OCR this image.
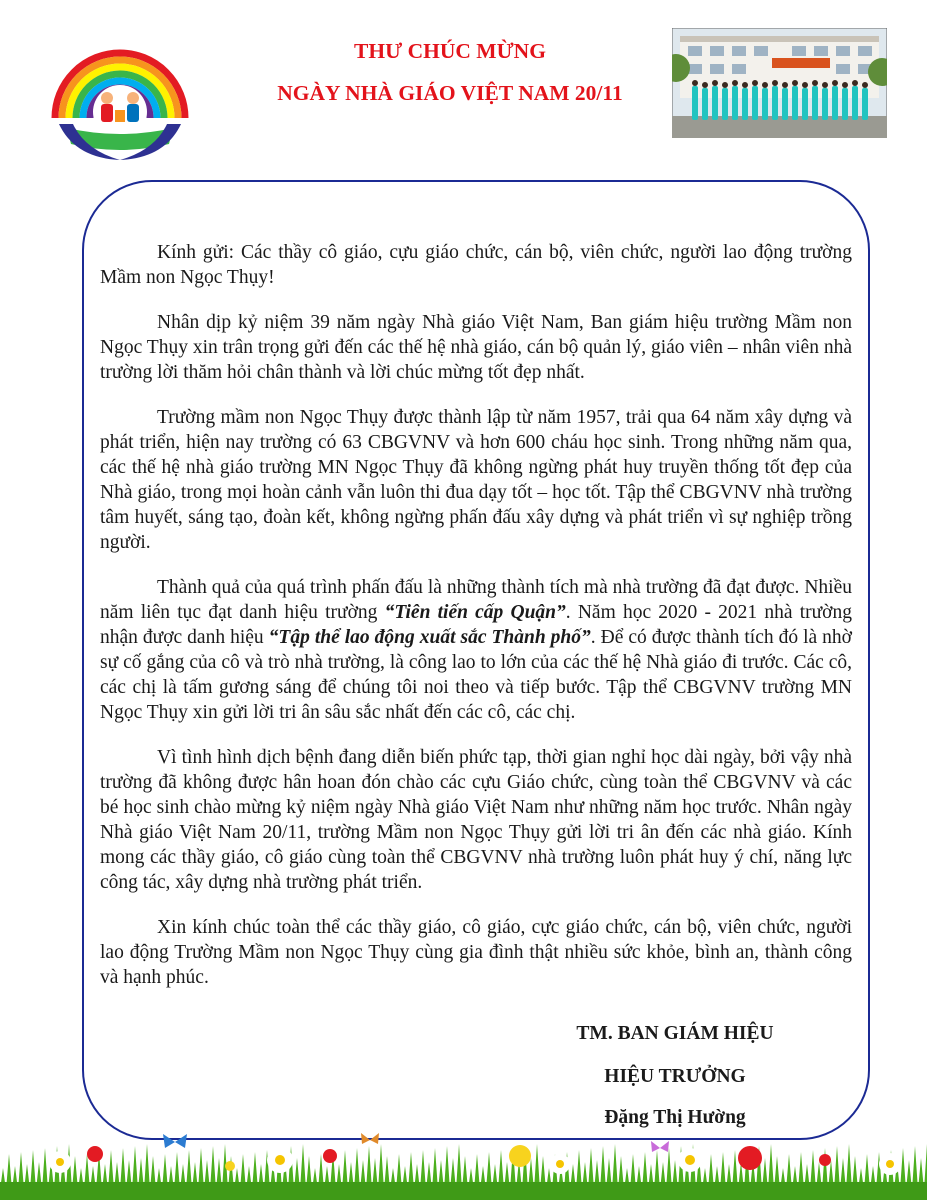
THƯ CHÚC MỪNG
NGÀY NHÀ GIÁO VIỆT NAM 20/11

Kính gửi: Các thầy cô giáo, cựu giáo chức, cán bộ, viên chức, người lao động trường Mầm non Ngọc Thụy!

Nhân dịp kỷ niệm 39 năm ngày Nhà giáo Việt Nam, Ban giám hiệu trường Mầm non Ngọc Thụy xin trân trọng gửi đến các thế hệ nhà giáo, cán bộ quản lý, giáo viên – nhân viên nhà trường lời thăm hỏi chân thành và lời chúc mừng tốt đẹp nhất.

Trường mầm non Ngọc Thụy được thành lập từ năm 1957, trải qua 64 năm xây dựng và phát triển, hiện nay trường có 63 CBGVNV và hơn 600 cháu học sinh. Trong những năm qua, các thế hệ nhà giáo trường MN Ngọc Thụy đã không ngừng phát huy truyền thống tốt đẹp của Nhà giáo, trong mọi hoàn cảnh vẫn luôn thi đua dạy tốt – học tốt. Tập thể CBGVNV nhà trường tâm huyết, sáng tạo, đoàn kết, không ngừng phấn đấu xây dựng và phát triển vì sự nghiệp trồng người.

Thành quả của quá trình phấn đấu là những thành tích mà nhà trường đã đạt được. Nhiều năm liên tục đạt danh hiệu trường “Tiên tiến cấp Quận”. Năm học 2020 - 2021 nhà trường nhận được danh hiệu “Tập thể lao động xuất sắc Thành phố”. Để có được thành tích đó là nhờ sự cố gắng của cô và trò nhà trường, là công lao to lớn của các thế hệ Nhà giáo đi trước. Các cô, các chị là tấm gương sáng để chúng tôi noi theo và tiếp bước. Tập thể CBGVNV trường MN Ngọc Thụy xin gửi lời tri ân sâu sắc nhất đến các cô, các chị.

Vì tình hình dịch bệnh đang diễn biến phức tạp, thời gian nghỉ học dài ngày, bởi vậy nhà trường đã không được hân hoan đón chào các cựu Giáo chức, cùng toàn thể CBGVNV và các bé học sinh chào mừng kỷ niệm ngày Nhà giáo Việt Nam như những năm học trước. Nhân ngày Nhà giáo Việt Nam 20/11, trường Mầm non Ngọc Thụy gửi lời tri ân đến các nhà giáo. Kính mong các thầy giáo, cô giáo cùng toàn thể CBGVNV nhà trường luôn phát huy ý chí, năng lực công tác, xây dựng nhà trường phát triển.

Xin kính chúc toàn thể các thầy giáo, cô giáo, cực giáo chức, cán bộ, viên chức, người lao động Trường Mầm non Ngọc Thụy cùng gia đình thật nhiều sức khỏe, bình an, thành công và hạnh phúc.

TM. BAN GIÁM HIỆU
HIỆU TRƯỞNG
Đặng Thị Hường
